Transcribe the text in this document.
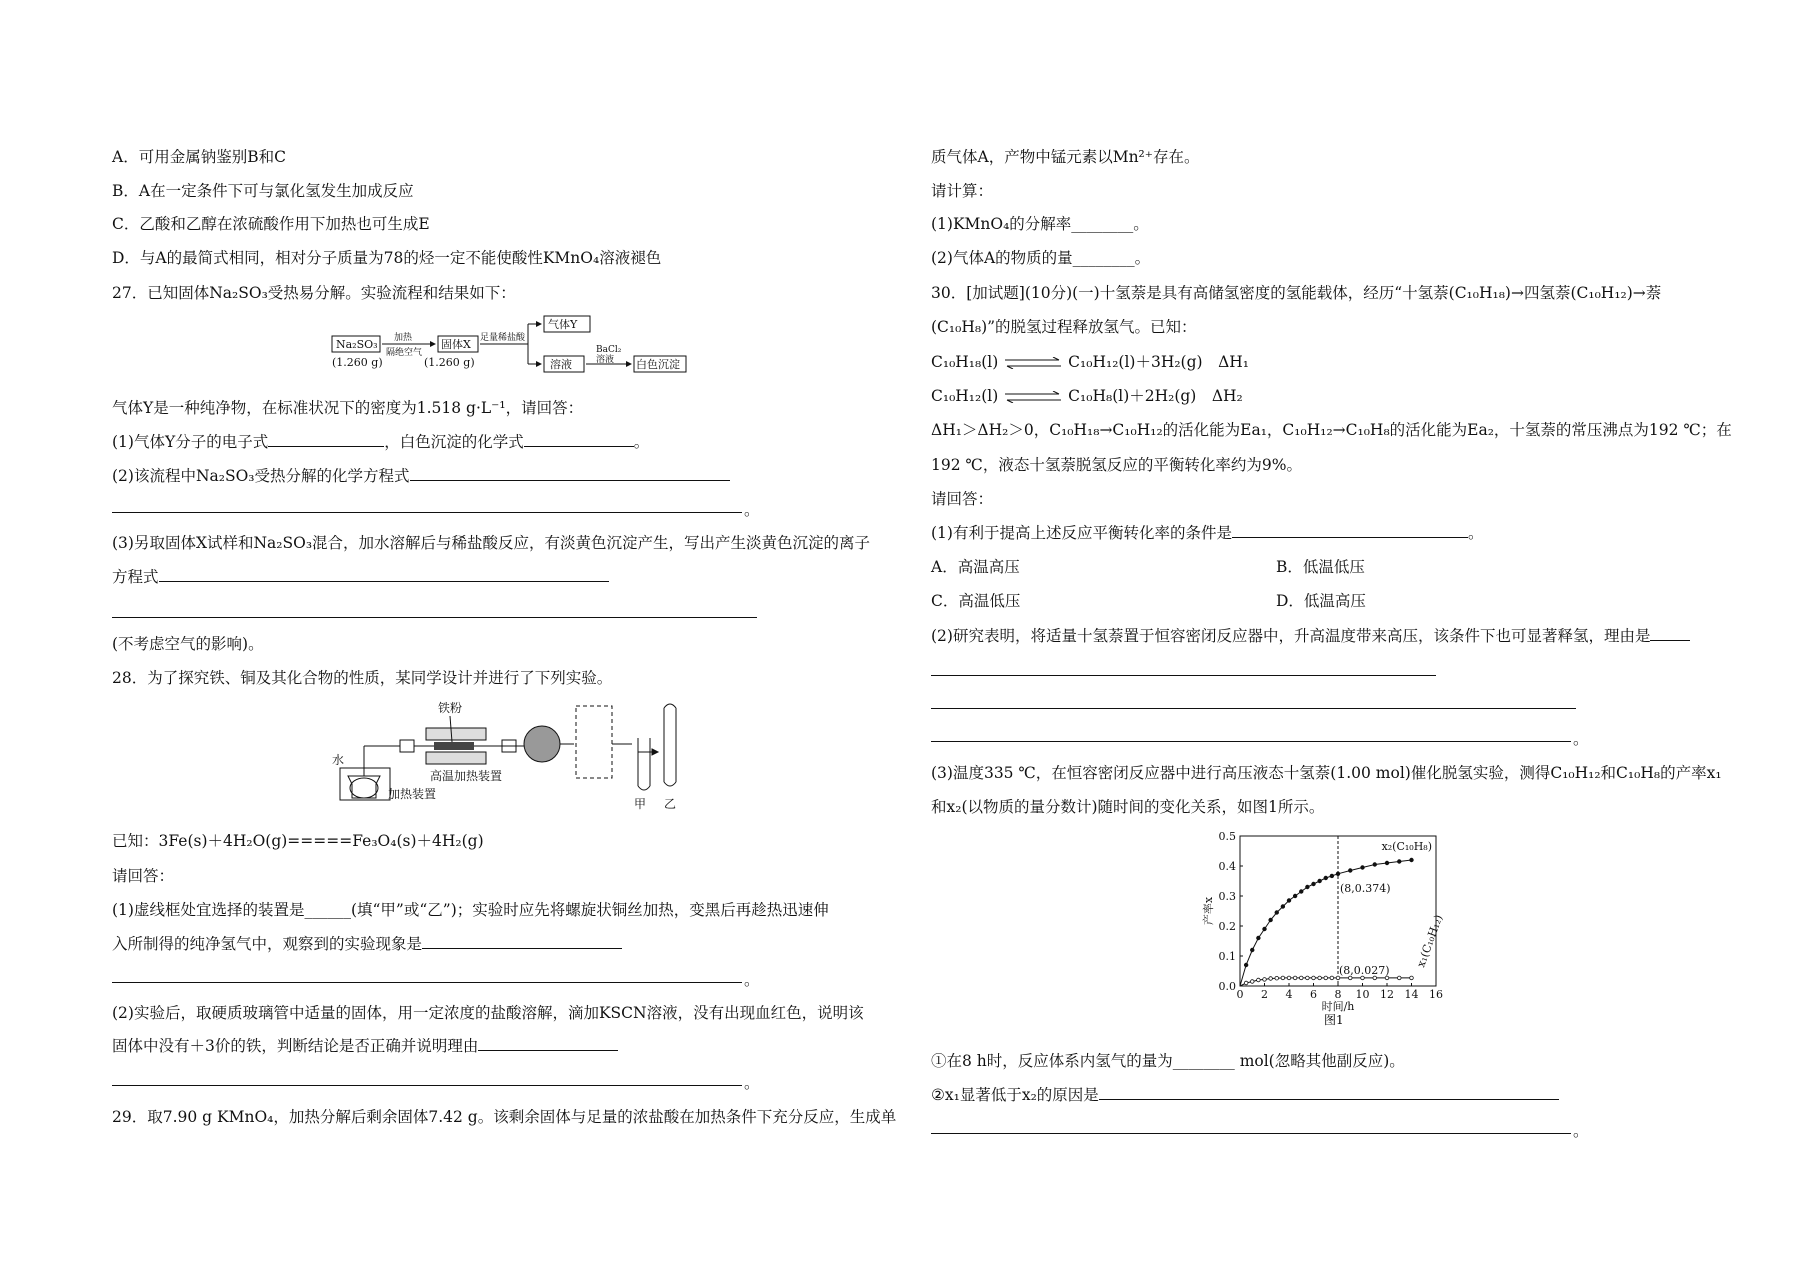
A．可用金属钠鉴别B和C
B．A在一定条件下可与氯化氢发生加成反应
C．乙酸和乙醇在浓硫酸作用下加热也可生成E
D．与A的最简式相同，相对分子质量为78的烃一定不能使酸性KMnO₄溶液褪色
27．已知固体Na₂SO₃受热易分解。实验流程和结果如下：
Na₂SO₃
(1.260 g)
加热
隔绝空气
固体X
(1.260 g)
足量稀盐酸
气体Y
溶液
BaCl₂
溶液 白色沉淀
气体Y是一种纯净物，在标准状况下的密度为1.518 g·L⁻¹，请回答：
(1)气体Y分子的电子式	，白色沉淀的化学式	。
(2)该流程中Na₂SO₃受热分解的化学方程式
。
(3)另取固体X试样和Na₂SO₃混合，加水溶解后与稀盐酸反应，有淡黄色沉淀产生，写出产生淡黄色沉淀的离子
方程式
(不考虑空气的影响)。
28．为了探究铁、铜及其化合物的性质，某同学设计并进行了下列实验。
铁粉
水
高温加热装置
加热装置
甲 乙
已知：3Fe(s)＋4H₂O(g)=====Fe₃O₄(s)＋4H₂(g)
请回答：
(1)虚线框处宜选择的装置是______(填“甲”或“乙”)；实验时应先将螺旋状铜丝加热，变黑后再趁热迅速伸
入所制得的纯净氢气中，观察到的实验现象是
。
(2)实验后，取硬质玻璃管中适量的固体，用一定浓度的盐酸溶解，滴加KSCN溶液，没有出现血红色，说明该
固体中没有＋3价的铁，判断结论是否正确并说明理由
。
29．取7.90 g KMnO₄，加热分解后剩余固体7.42 g。该剩余固体与足量的浓盐酸在加热条件下充分反应，生成单
质气体A，产物中锰元素以Mn²⁺存在。
请计算：
(1)KMnO₄的分解率________。
(2)气体A的物质的量________。
30．[加试题](10分)(一)十氢萘是具有高储氢密度的氢能载体，经历“十氢萘(C₁₀H₁₈)→四氢萘(C₁₀H₁₂)→萘
(C₁₀H₈)”的脱氢过程释放氢气。已知：
C₁₀H₁₈(l) ⇌ C₁₀H₁₂(l)＋3H₂(g)　ΔH₁
C₁₀H₁₂(l) ⇌ C₁₀H₈(l)＋2H₂(g)　ΔH₂
ΔH₁＞ΔH₂＞0，C₁₀H₁₈→C₁₀H₁₂的活化能为Ea₁，C₁₀H₁₂→C₁₀H₈的活化能为Ea₂，十氢萘的常压沸点为192 ℃；在
192 ℃，液态十氢萘脱氢反应的平衡转化率约为9%。
请回答：
(1)有利于提高上述反应平衡转化率的条件是	。
A．高温高压	B．低温低压
C．高温低压	D．低温高压
(2)研究表明，将适量十氢萘置于恒容密闭反应器中，升高温度带来高压，该条件下也可显著释氢，理由是
。
(3)温度335 ℃，在恒容密闭反应器中进行高压液态十氢萘(1.00 mol)催化脱氢实验，测得C₁₀H₁₂和C₁₀H₈的产率x₁
和x₂(以物质的量分数计)随时间的变化关系，如图1所示。
0 2 4 6 8 10 12 14 16
0.0
0.1
0.2
0.3
0.4
0.5
时间/h
产率x
x₂(C₁₀H₈)
x₁(C₁₀H₁₂)
(8,0.374)
(8,0.027)
图1
①在8 h时，反应体系内氢气的量为________ mol(忽略其他副反应)。
②x₁显著低于x₂的原因是
。
